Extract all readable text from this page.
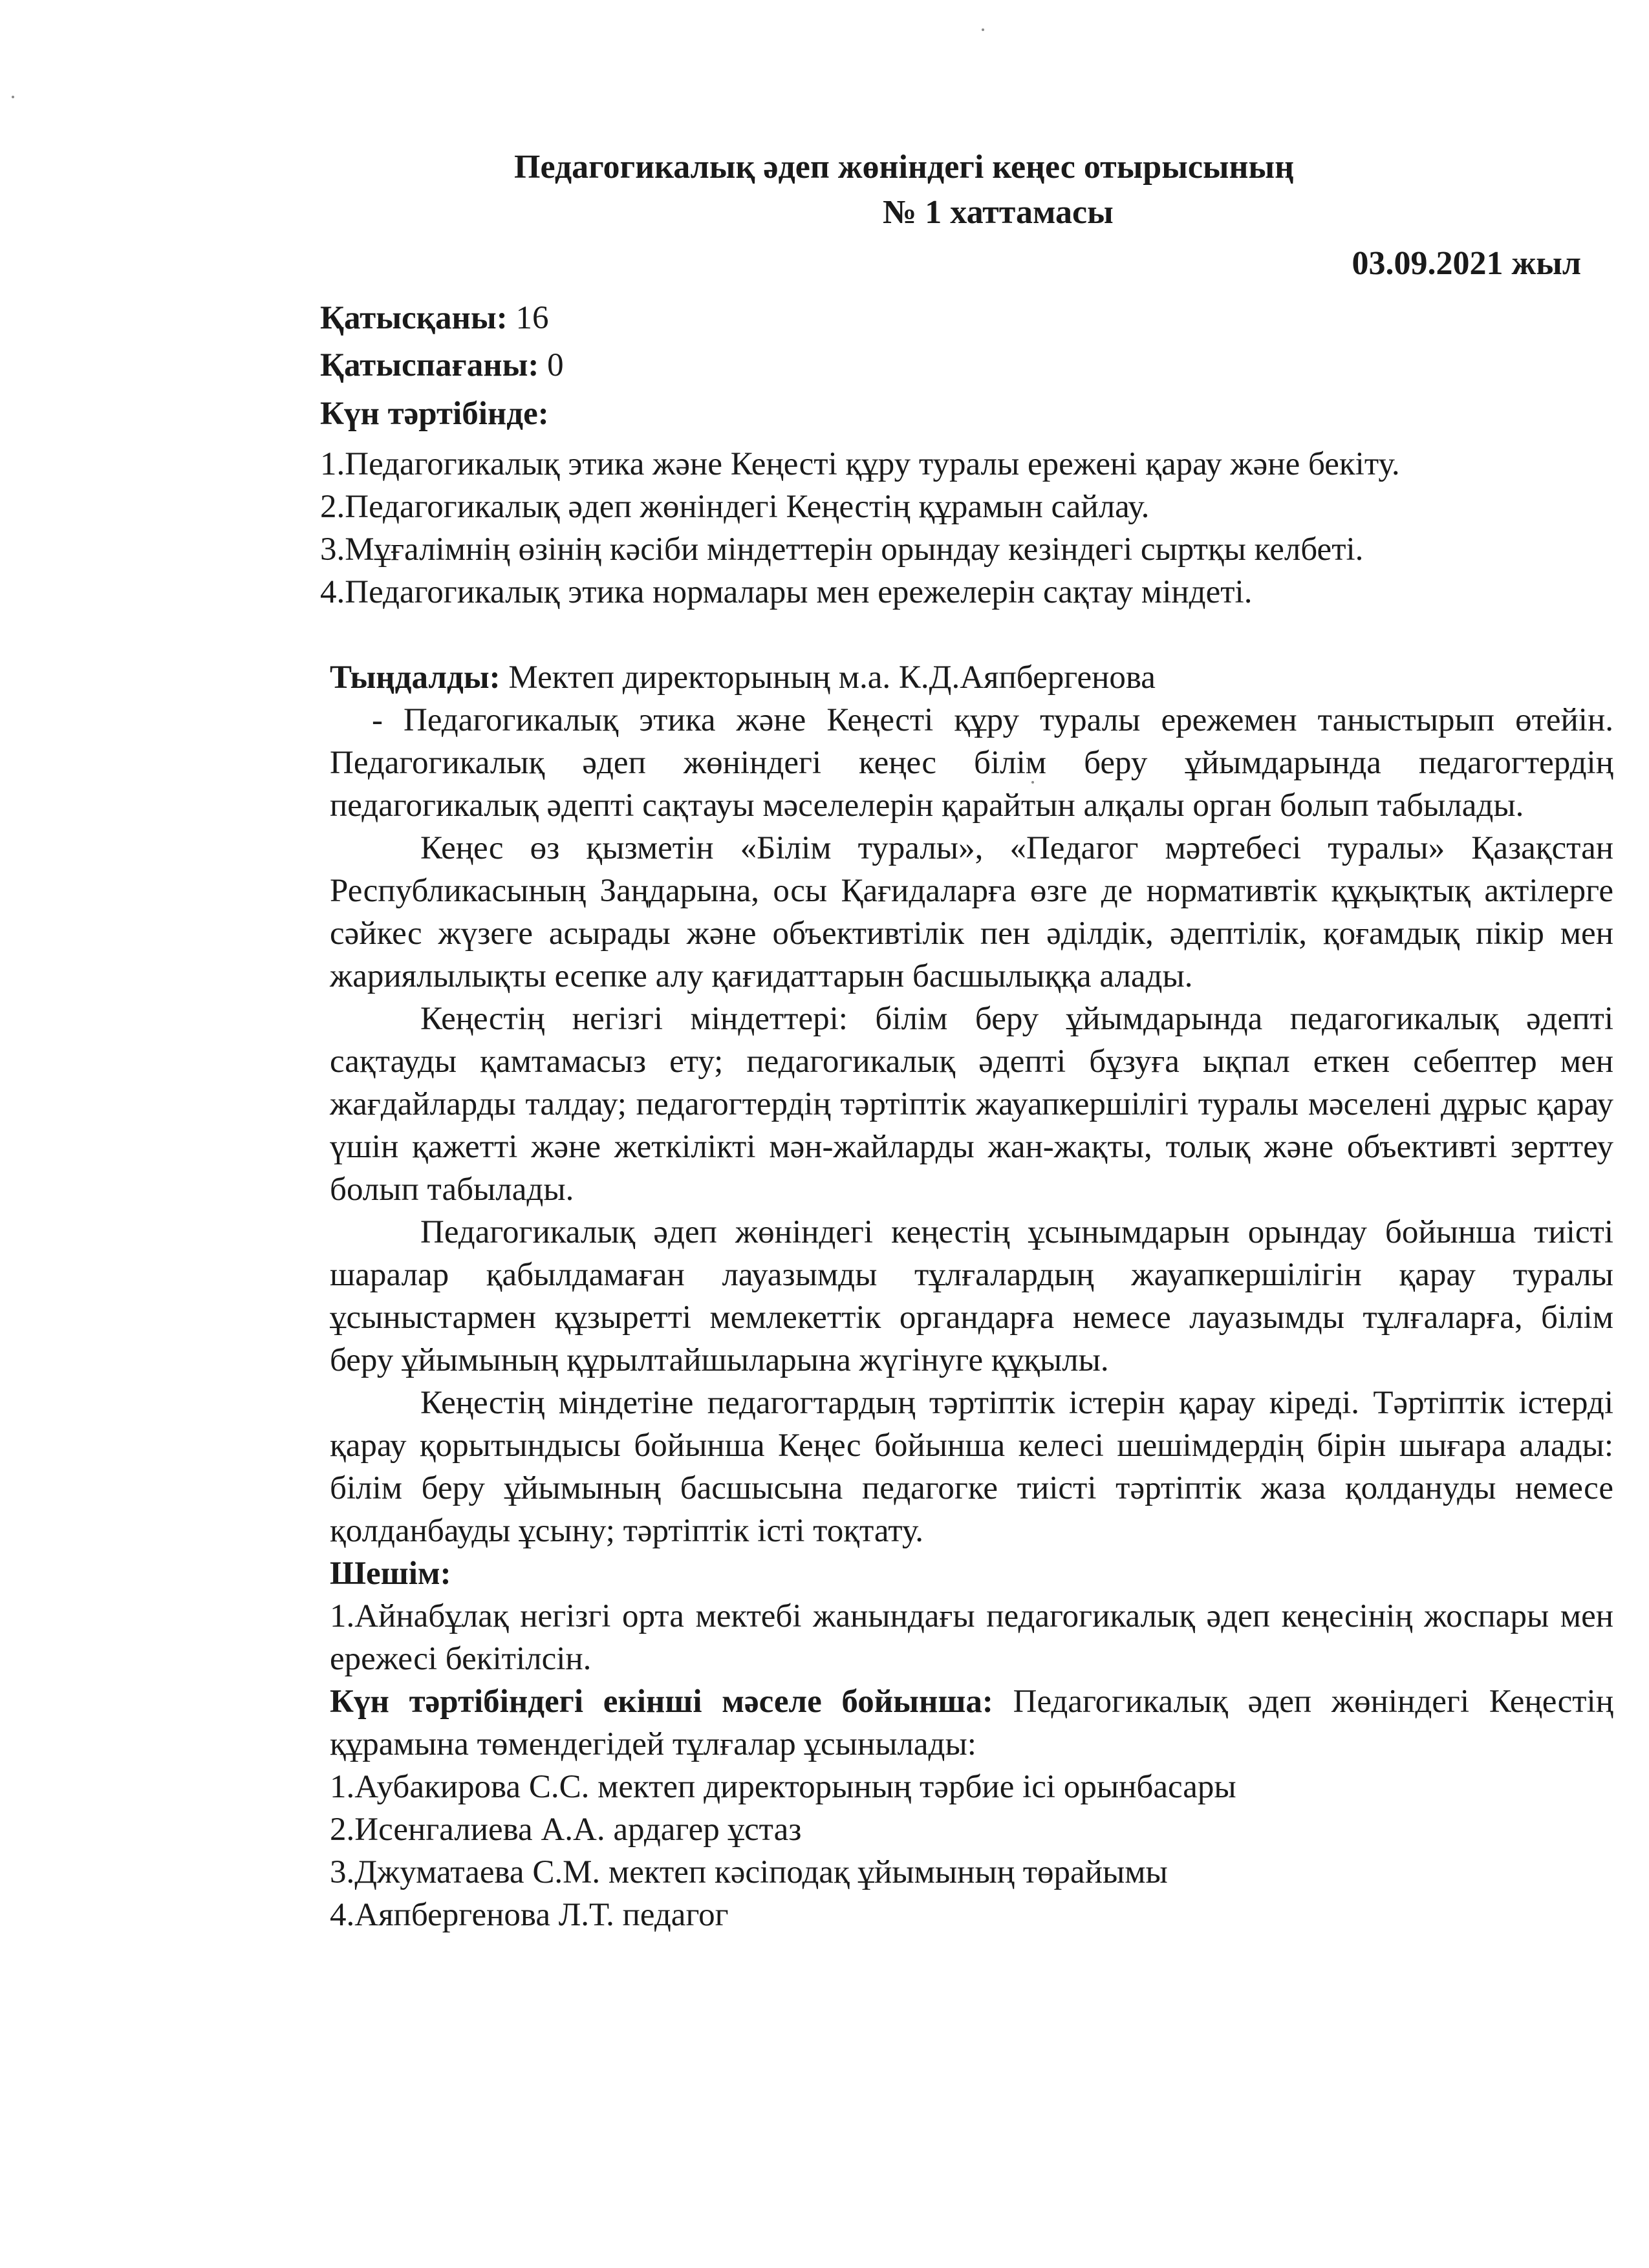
Педагогикалық әдеп жөніндегі кеңес отырысының
№ 1 хаттамасы
03.09.2021 жыл
Қатысқаны: 16
Қатыспағаны: 0
Күн тәртібінде:
1.Педагогикалық этика және Кеңесті құру туралы ережені қарау және бекіту.
2.Педагогикалық әдеп жөніндегі Кеңестің құрамын сайлау.
3.Мұғалімнің өзінің кәсіби міндеттерін орындау кезіндегі сыртқы келбеті.
4.Педагогикалық этика нормалары мен ережелерін сақтау міндеті.

Тыңдалды: Мектеп директорының м.а. К.Д.Аяпбергенова

- Педагогикалық этика және Кеңесті құру туралы ережемен таныстырып өтейін. Педагогикалық әдеп жөніндегі кеңес білім беру ұйымдарында педагогтердің педагогикалық әдепті сақтауы мәселелерін қарайтын алқалы орган болып табылады.

Кеңес өз қызметін «Білім туралы», «Педагог мәртебесі туралы» Қазақстан Республикасының Заңдарына, осы Қағидаларға өзге де нормативтік құқықтық актілерге сәйкес жүзеге асырады және объективтілік пен әділдік, әдептілік, қоғамдық пікір мен жариялылықты есепке алу қағидаттарын басшылыққа алады.

Кеңестің негізгі міндеттері: білім беру ұйымдарында педагогикалық әдепті сақтауды қамтамасыз ету; педагогикалық әдепті бұзуға ықпал еткен себептер мен жағдайларды талдау; педагогтердің тәртіптік жауапкершілігі туралы мәселені дұрыс қарау үшін қажетті және жеткілікті мән-жайларды жан-жақты, толық және объективті зерттеу болып табылады.

Педагогикалық әдеп жөніндегі кеңестің ұсынымдарын орындау бойынша тиісті шаралар қабылдамаған лауазымды тұлғалардың жауапкершілігін қарау туралы ұсыныстармен құзыретті мемлекеттік органдарға немесе лауазымды тұлғаларға, білім беру ұйымының құрылтайшыларына жүгінуге құқылы.

Кеңестің міндетіне педагогтардың тәртіптік істерін қарау кіреді. Тәртіптік істерді қарау қорытындысы бойынша Кеңес бойынша келесі шешімдердің бірін шығара алады: білім беру ұйымының басшысына педагогке тиісті тәртіптік жаза қолдануды немесе қолданбауды ұсыну; тәртіптік істі тоқтату.

Шешім:

1.Айнабұлақ негізгі орта мектебі жанындағы педагогикалық әдеп кеңесінің жоспары мен ережесі бекітілсін.

Күн тәртібіндегі екінші мәселе бойынша: Педагогикалық әдеп жөніндегі Кеңестің құрамына төмендегідей тұлғалар ұсынылады:

1.Аубакирова С.С. мектеп директорының тәрбие ісі орынбасары
2.Исенгалиева А.А. ардагер ұстаз
3.Джуматаева С.М. мектеп кәсіподақ ұйымының төрайымы
4.Аяпбергенова Л.Т. педагог
